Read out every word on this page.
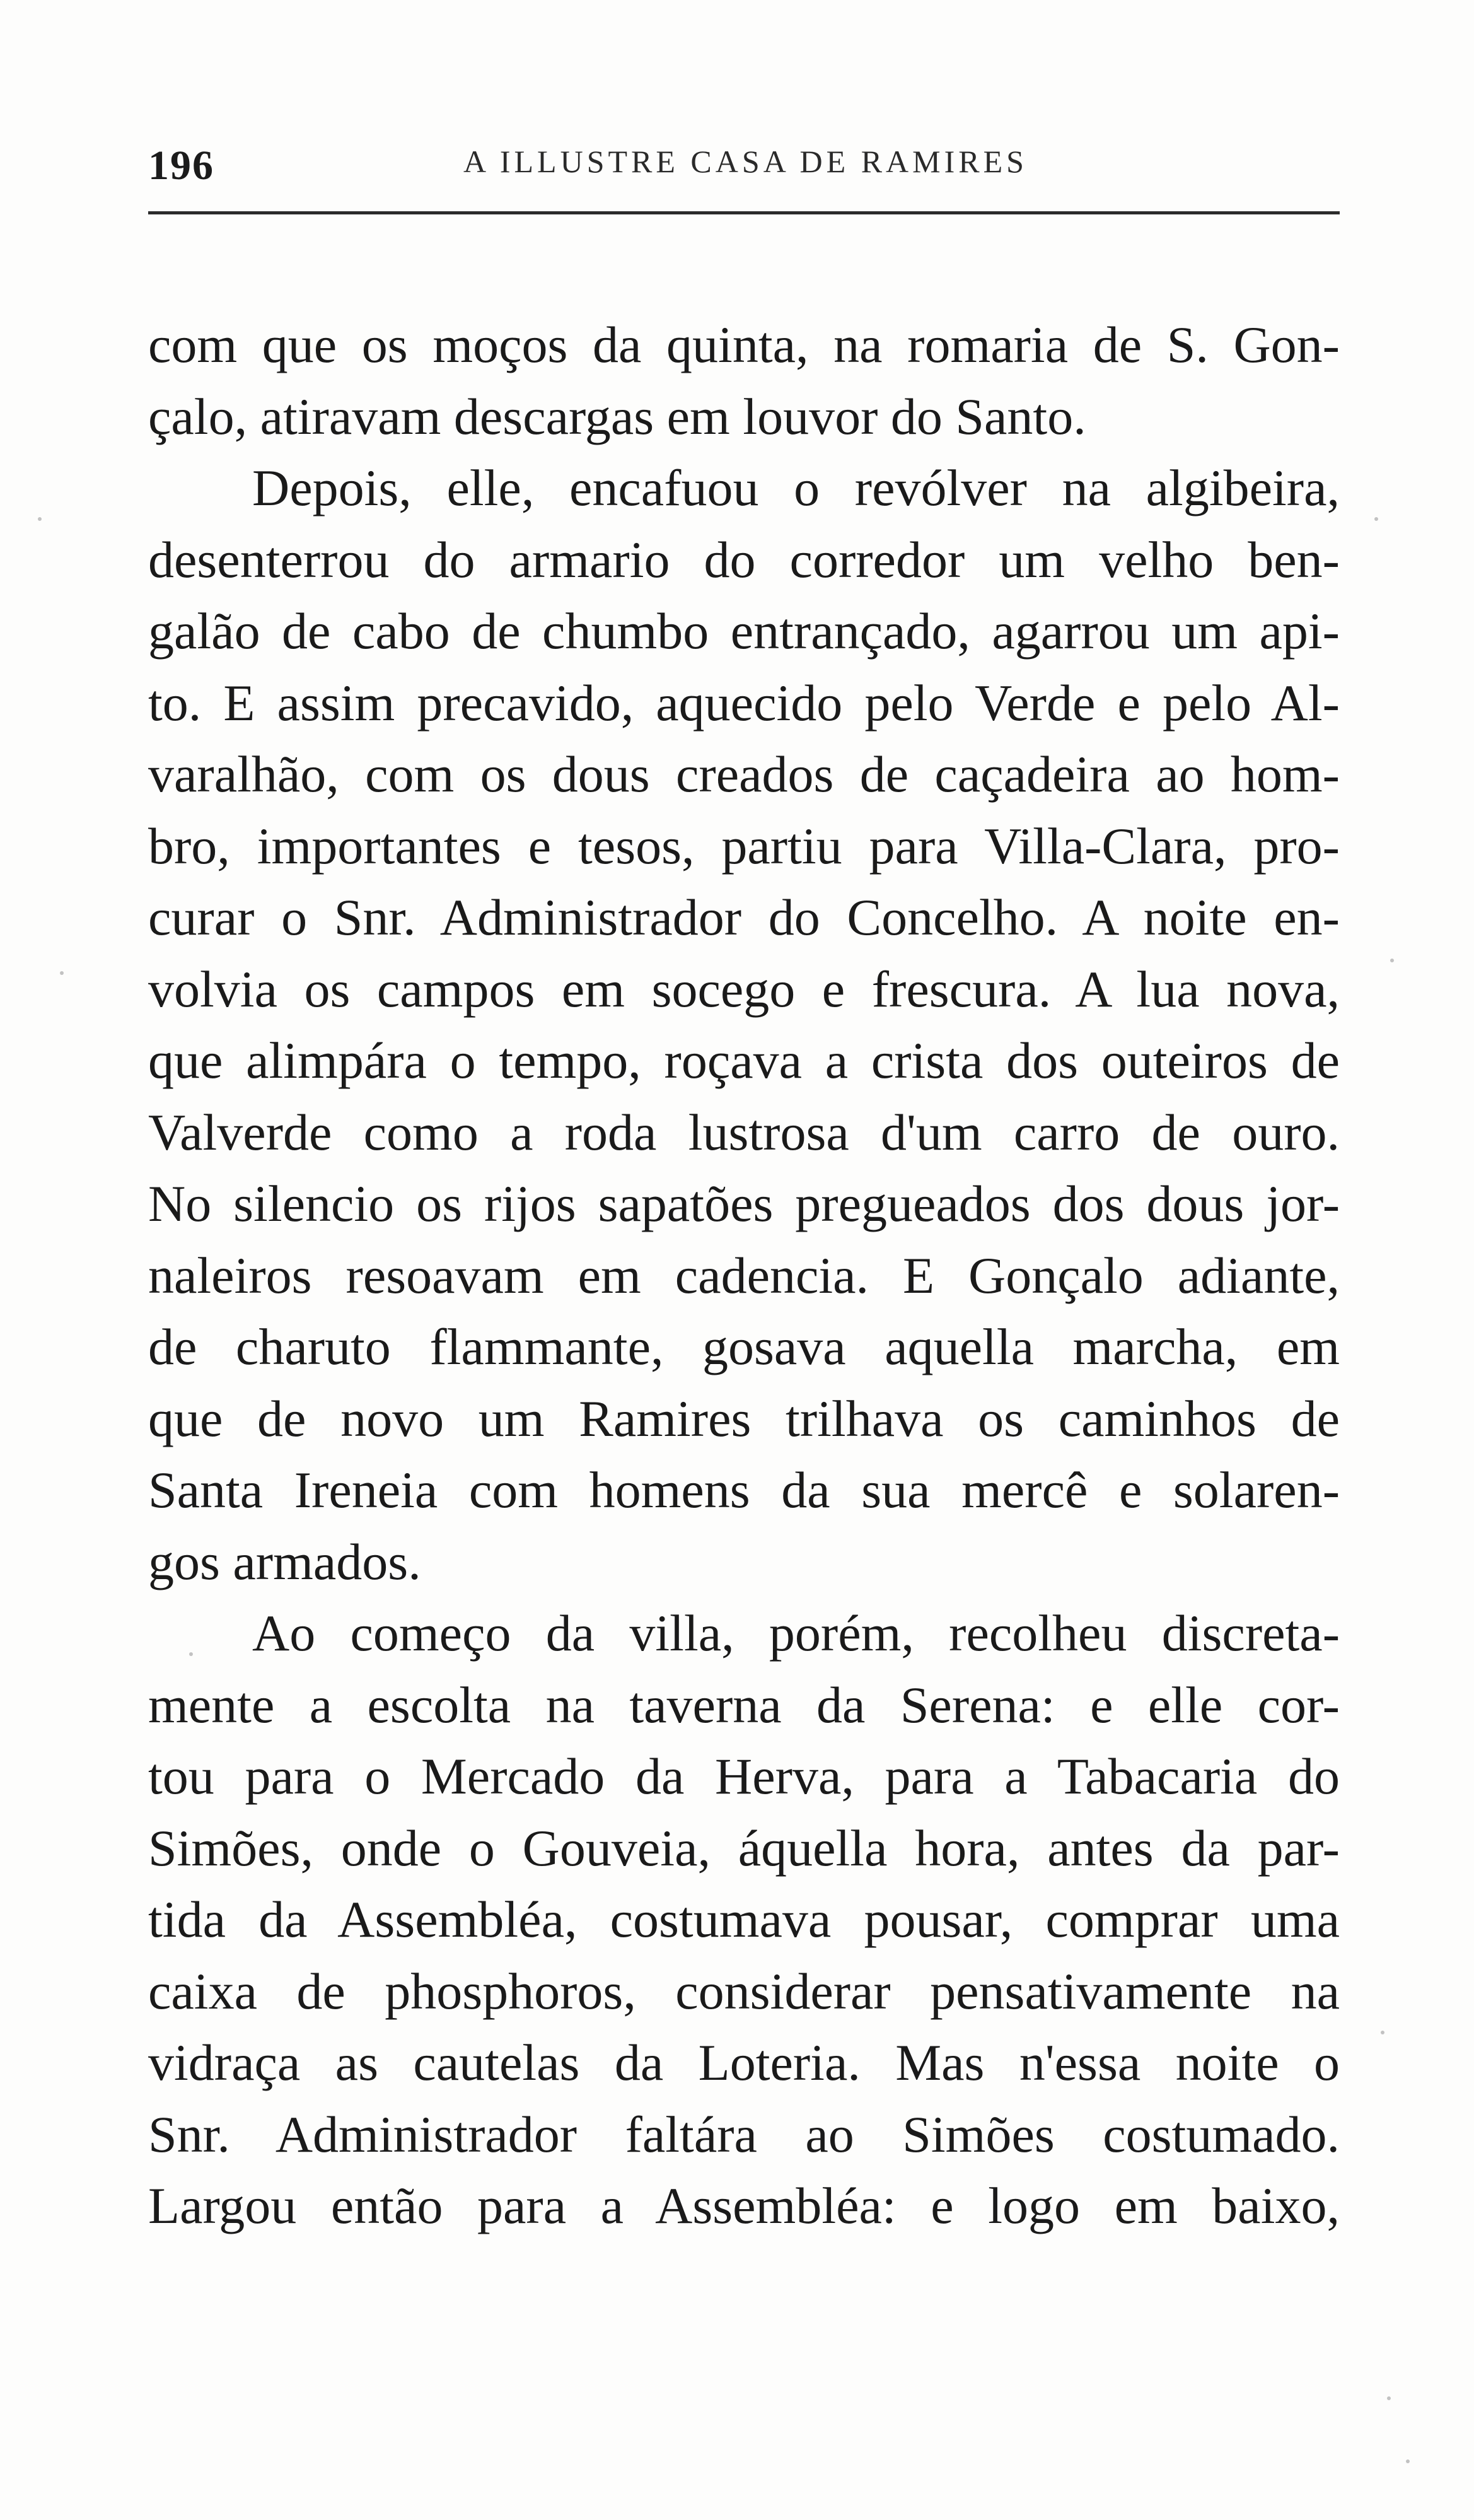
196	A ILLUSTRE CASA DE RAMIRES
com que os moços da quinta, na romaria de S. Gon-
çalo, atiravam descargas em louvor do Santo.
Depois, elle, encafuou o revólver na algibeira,
desenterrou do armario do corredor um velho ben-
galão de cabo de chumbo entrançado, agarrou um api-
to. E assim precavido, aquecido pelo Verde e pelo Al-
varalhão, com os dous creados de caçadeira ao hom-
bro, importantes e tesos, partiu para Villa-Clara, pro-
curar o Snr. Administrador do Concelho. A noite en-
volvia os campos em socego e frescura. A lua nova,
que alimpára o tempo, roçava a crista dos outeiros de
Valverde como a roda lustrosa d'um carro de ouro.
No silencio os rijos sapatões pregueados dos dous jor-
naleiros resoavam em cadencia. E Gonçalo adiante,
de charuto flammante, gosava aquella marcha, em
que de novo um Ramires trilhava os caminhos de
Santa Ireneia com homens da sua mercê e solaren-
gos armados.
Ao começo da villa, porém, recolheu discreta-
mente a escolta na taverna da Serena: e elle cor-
tou para o Mercado da Herva, para a Tabacaria do
Simões, onde o Gouveia, áquella hora, antes da par-
tida da Assembléa, costumava pousar, comprar uma
caixa de phosphoros, considerar pensativamente na
vidraça as cautelas da Loteria. Mas n'essa noite o
Snr. Administrador faltára ao Simões costumado.
Largou então para a Assembléa: e logo em baixo,
